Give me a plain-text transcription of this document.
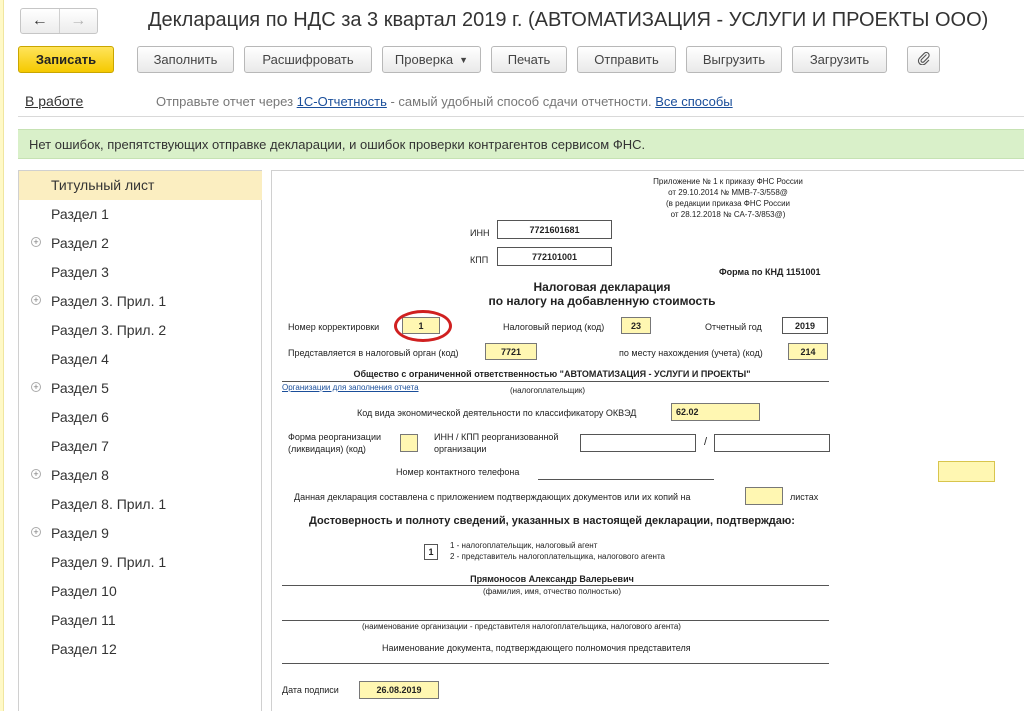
←	→	Декларация по НДС за 3 квартал 2019 г. (АВТОМАТИЗАЦИЯ - УСЛУГИ И ПРОЕКТЫ ООО)
Записать	Заполнить	Расшифровать	Проверка ▼	Печать	Отправить	Выгрузить	Загрузить
В работе	Отправьте отчет через 1С-Отчетность - самый удобный способ сдачи отчетности. Все способы
Нет ошибок, препятствующих отправке декларации, и ошибок проверки контрагентов сервисом ФНС.
Титульный лист
Раздел 1
+ Раздел 2
Раздел 3
+ Раздел 3. Прил. 1
Раздел 3. Прил. 2
Раздел 4
+ Раздел 5
Раздел 6
Раздел 7
+ Раздел 8
Раздел 8. Прил. 1
+ Раздел 9
Раздел 9. Прил. 1
Раздел 10
Раздел 11
Раздел 12
Приложение № 1 к приказу ФНС России
от 29.10.2014 № ММВ-7-3/558@
(в редакции приказа ФНС России
от 28.12.2018 № СА-7-3/853@)
ИНН	7721601681
КПП	772101001
Форма по КНД 1151001
Налоговая декларация
по налогу на добавленную стоимость
Номер корректировки	1	Налоговый период (код)	23	Отчетный год	2019
Представляется в налоговый орган (код)	7721	по месту нахождения (учета) (код)	214
Общество с ограниченной ответственностью "АВТОМАТИЗАЦИЯ - УСЛУГИ И ПРОЕКТЫ"
Организации для заполнения отчета	(налогоплательщик)
Код вида экономической деятельности по классификатору ОКВЭД	62.02
Форма реорганизации
(ликвидация) (код)
ИНН / КПП реорганизованной
организации
/
Номер контактного телефона
Данная декларация составлена с приложением подтверждающих документов или их копий на	листах
Достоверность и полноту сведений, указанных в настоящей декларации, подтверждаю:
1
1 - налогоплательщик, налоговый агент
2 - представитель налогоплательщика, налогового агента
Прямоносов Александр Валерьевич
(фамилия, имя, отчество полностью)
(наименование организации - представителя налогоплательщика, налогового агента)
Наименование документа, подтверждающего полномочия представителя
Дата подписи	26.08.2019
